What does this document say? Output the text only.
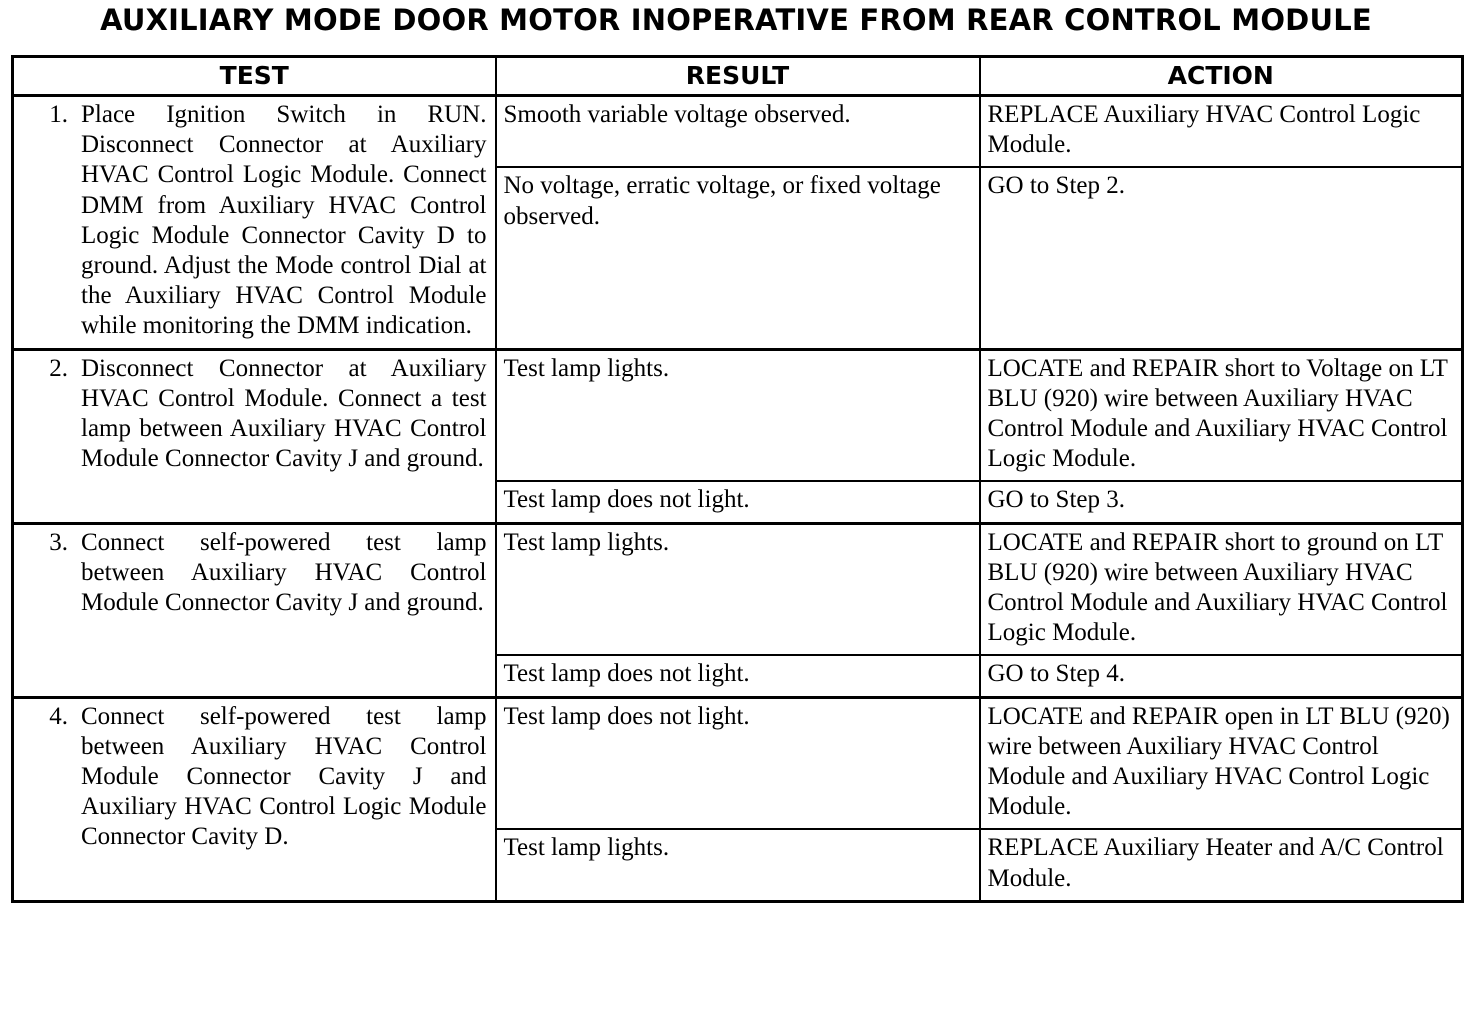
AUXILIARY MODE DOOR MOTOR INOPERATIVE FROM REAR CONTROL MODULE
TEST	RESULT	ACTION

1. Place Ignition Switch in RUN. Disconnect Connector at Auxiliary HVAC Control Logic Module. Connect DMM from Auxiliary HVAC Control Logic Module Connector Cavity D to ground. Adjust the Mode control Dial at the Auxiliary HVAC Control Module while monitoring the DMM indication.	Smooth variable voltage observed.	REPLACE Auxiliary HVAC Control Logic Module.
	No voltage, erratic voltage, or fixed voltage observed.	GO to Step 2.

2. Disconnect Connector at Auxiliary HVAC Control Module. Connect a test lamp between Auxiliary HVAC Control Module Connector Cavity J and ground.	Test lamp lights.	LOCATE and REPAIR short to Voltage on LT BLU (920) wire between Auxiliary HVAC Control Module and Auxiliary HVAC Control Logic Module.
	Test lamp does not light.	GO to Step 3.

3. Connect self-powered test lamp between Auxiliary HVAC Control Module Connector Cavity J and ground.	Test lamp lights.	LOCATE and REPAIR short to ground on LT BLU (920) wire between Auxiliary HVAC Control Module and Auxiliary HVAC Control Logic Module.
	Test lamp does not light.	GO to Step 4.

4. Connect self-powered test lamp between Auxiliary HVAC Control Module Connector Cavity J and Auxiliary HVAC Control Logic Module Connector Cavity D.	Test lamp does not light.	LOCATE and REPAIR open in LT BLU (920) wire between Auxiliary HVAC Control Module and Auxiliary HVAC Control Logic Module.
	Test lamp lights.	REPLACE Auxiliary Heater and A/C Control Module.
